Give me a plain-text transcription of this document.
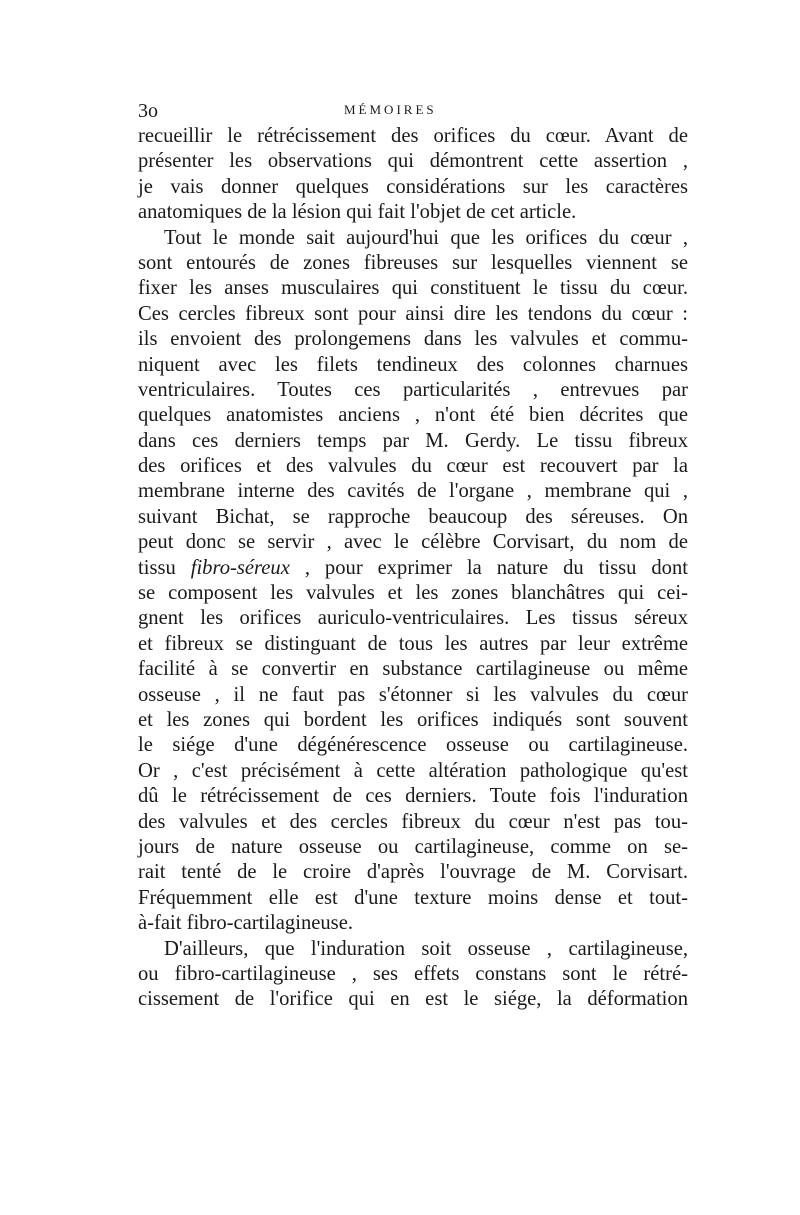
3o	MÉMOIRES
recueillir le rétrécissement des orifices du cœur. Avant de
présenter les observations qui démontrent cette assertion ,
je vais donner quelques considérations sur les caractères
anatomiques de la lésion qui fait l'objet de cet article.
Tout le monde sait aujourd'hui que les orifices du cœur ,
sont entourés de zones fibreuses sur lesquelles viennent se
fixer les anses musculaires qui constituent le tissu du cœur.
Ces cercles fibreux sont pour ainsi dire les tendons du cœur :
ils envoient des prolongemens dans les valvules et commu-
niquent avec les filets tendineux des colonnes charnues
ventriculaires. Toutes ces particularités , entrevues par
quelques anatomistes anciens , n'ont été bien décrites que
dans ces derniers temps par M. Gerdy. Le tissu fibreux
des orifices et des valvules du cœur est recouvert par la
membrane interne des cavités de l'organe , membrane qui ,
suivant Bichat, se rapproche beaucoup des séreuses. On
peut donc se servir , avec le célèbre Corvisart, du nom de
tissu fibro-séreux , pour exprimer la nature du tissu dont
se composent les valvules et les zones blanchâtres qui cei-
gnent les orifices auriculo-ventriculaires. Les tissus séreux
et fibreux se distinguant de tous les autres par leur extrême
facilité à se convertir en substance cartilagineuse ou même
osseuse , il ne faut pas s'étonner si les valvules du cœur
et les zones qui bordent les orifices indiqués sont souvent
le siége d'une dégénérescence osseuse ou cartilagineuse.
Or , c'est précisément à cette altération pathologique qu'est
dû le rétrécissement de ces derniers. Toute fois l'induration
des valvules et des cercles fibreux du cœur n'est pas tou-
jours de nature osseuse ou cartilagineuse, comme on se-
rait tenté de le croire d'après l'ouvrage de M. Corvisart.
Fréquemment elle est d'une texture moins dense et tout-
à-fait fibro-cartilagineuse.
D'ailleurs, que l'induration soit osseuse , cartilagineuse,
ou fibro-cartilagineuse , ses effets constans sont le rétré-
cissement de l'orifice qui en est le siége, la déformation
